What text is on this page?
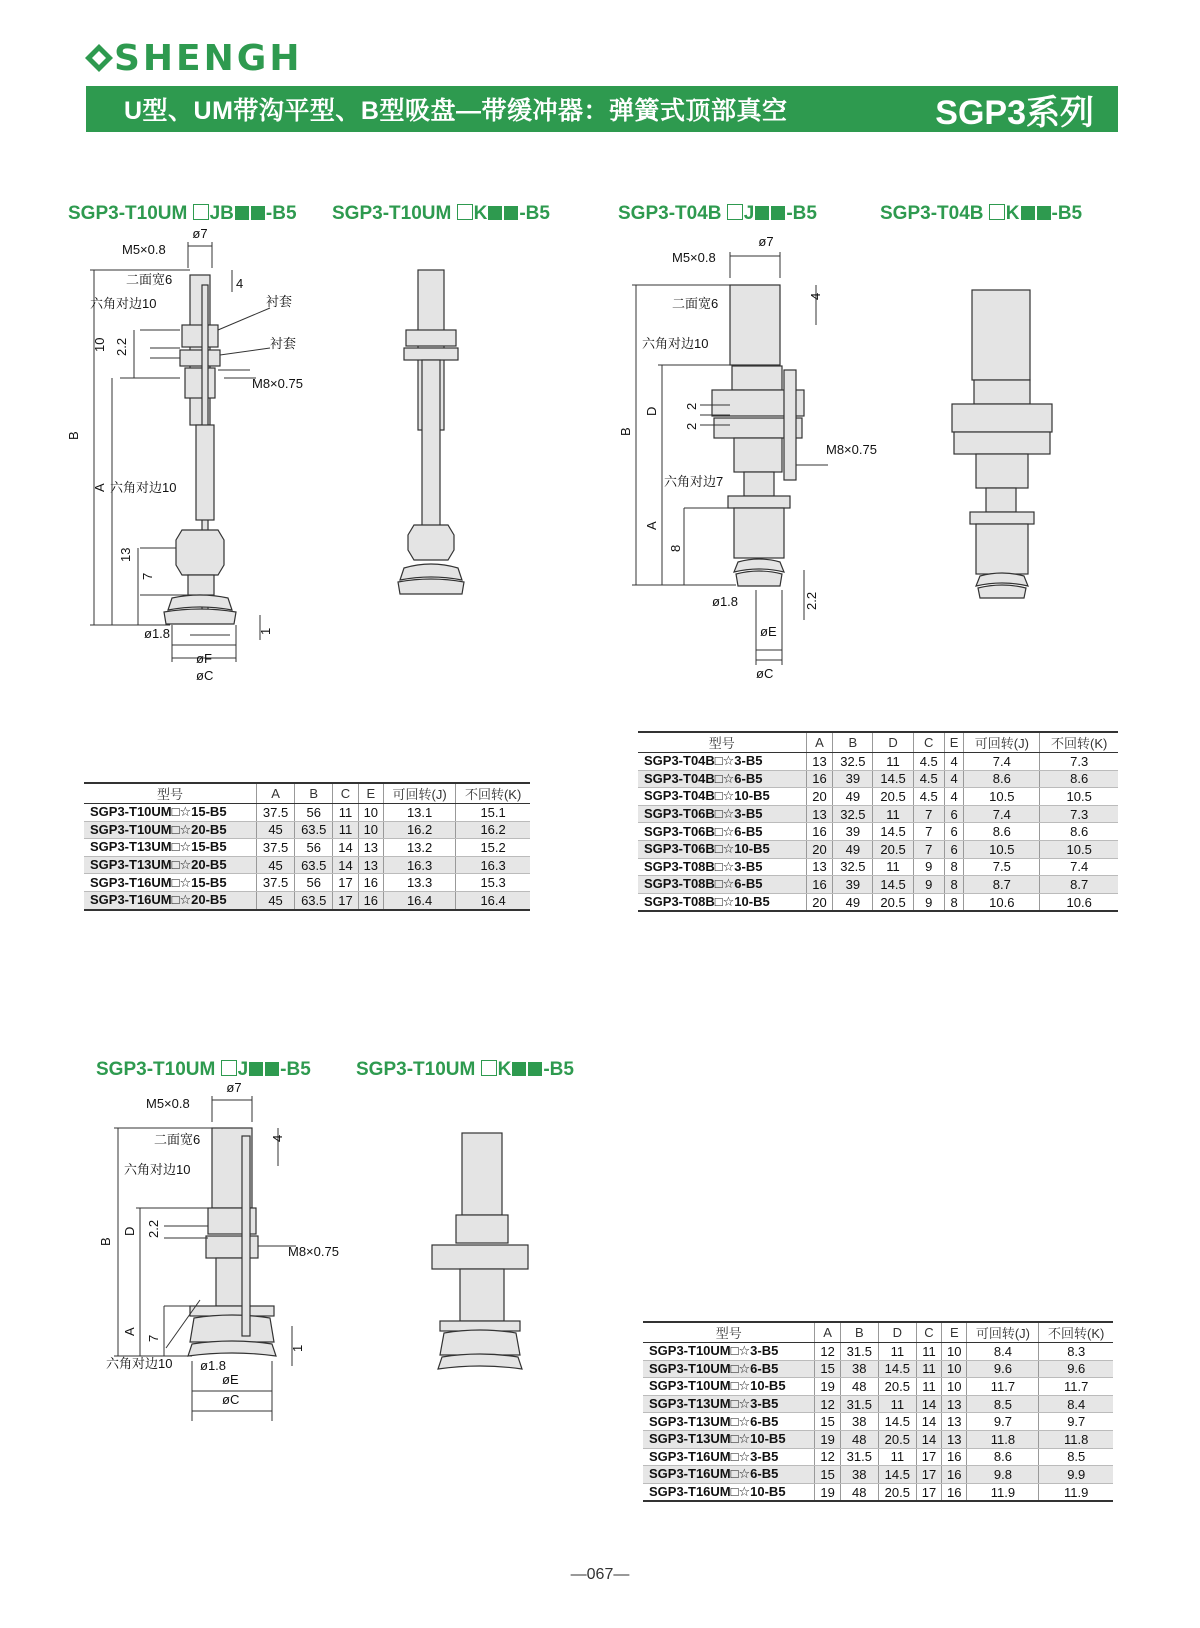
SHENGH
U型、UM带沟平型、B型吸盘—带缓冲器：弹簧式顶部真空	SGP3系列
SGP3-T10UM JB -B5 SGP3-T10UM K -B5	SGP3-T04B J -B5	SGP3-T04B K -B5
SGP3-T10UM J -B5 SGP3-T10UM K -B5
ø7
M5×0.8
二面宽6
六角对边10	衬套
衬套
M8×0.75
六角对边10
4
10 2.2
B
A
13
7
1
ø1.8
øF
øC
ø7
M5×0.8
二面宽6
六角对边10
M8×0.75
六角对边7
4
B
D
2
2
A
8
2.2
ø1.8
øE
øC
ø7
M5×0.8
二面宽6
六角对边10
M8×0.75
六角对边10
4
B
D 2.2
A
7
1
ø1.8
øE
øC
型号	A	B	C	E	可回转(J)	不回转(K)
SGP3-T10UM□☆15-B5	37.5	56	11	10	13.1	15.1
SGP3-T10UM□☆20-B5	45	63.5	11	10	16.2	16.2
SGP3-T13UM□☆15-B5	37.5	56	14	13	13.2	15.2
SGP3-T13UM□☆20-B5	45	63.5	14	13	16.3	16.3
SGP3-T16UM□☆15-B5	37.5	56	17	16	13.3	15.3
SGP3-T16UM□☆20-B5	45	63.5	17	16	16.4	16.4
型号	A	B	D	C	E	可回转(J)	不回转(K)
SGP3-T04B□☆3-B5	13	32.5	11	4.5	4	7.4	7.3
SGP3-T04B□☆6-B5	16	39	14.5	4.5	4	8.6	8.6
SGP3-T04B□☆10-B5	20	49	20.5	4.5	4	10.5	10.5
SGP3-T06B□☆3-B5	13	32.5	11	7	6	7.4	7.3
SGP3-T06B□☆6-B5	16	39	14.5	7	6	8.6	8.6
SGP3-T06B□☆10-B5	20	49	20.5	7	6	10.5	10.5
SGP3-T08B□☆3-B5	13	32.5	11	9	8	7.5	7.4
SGP3-T08B□☆6-B5	16	39	14.5	9	8	8.7	8.7
SGP3-T08B□☆10-B5	20	49	20.5	9	8	10.6	10.6
型号	A	B	D	C	E	可回转(J)	不回转(K)
SGP3-T10UM□☆3-B5	12	31.5	11	11	10	8.4	8.3
SGP3-T10UM□☆6-B5	15	38	14.5	11	10	9.6	9.6
SGP3-T10UM□☆10-B5	19	48	20.5	11	10	11.7	11.7
SGP3-T13UM□☆3-B5	12	31.5	11	14	13	8.5	8.4
SGP3-T13UM□☆6-B5	15	38	14.5	14	13	9.7	9.7
SGP3-T13UM□☆10-B5	19	48	20.5	14	13	11.8	11.8
SGP3-T16UM□☆3-B5	12	31.5	11	17	16	8.6	8.5
SGP3-T16UM□☆6-B5	15	38	14.5	17	16	9.8	9.9
SGP3-T16UM□☆10-B5	19	48	20.5	17	16	11.9	11.9
—067—
